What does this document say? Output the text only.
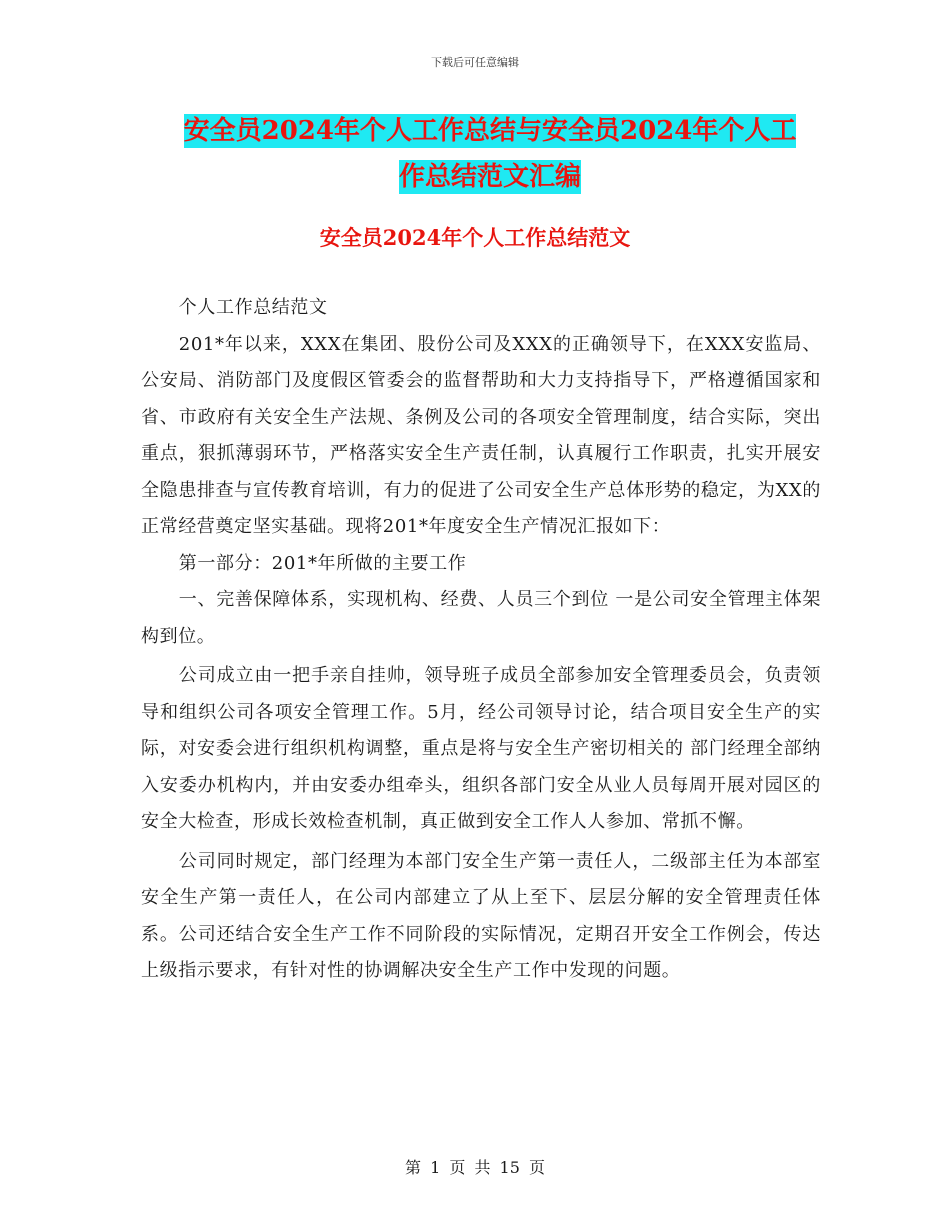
下载后可任意编辑
安全员2024年个人工作总结与安全员2024年个人工
作总结范文汇编
安全员2024年个人工作总结范文

个人工作总结范文

201*年以来，XXX在集团、股份公司及XXX的正确领导下，在XXX安监局、公安局、消防部门及度假区管委会的监督帮助和大力支持指导下，严格遵循国家和省、市政府有关安全生产法规、条例及公司的各项安全管理制度，结合实际，突出重点，狠抓薄弱环节，严格落实安全生产责任制，认真履行工作职责，扎实开展安全隐患排查与宣传教育培训，有力的促进了公司安全生产总体形势的稳定，为XX的正常经营奠定坚实基础。现将201*年度安全生产情况汇报如下：

第一部分：201*年所做的主要工作

一、完善保障体系，实现机构、经费、人员三个到位 一是公司安全管理主体架构到位。

公司成立由一把手亲自挂帅，领导班子成员全部参加安全管理委员会，负责领导和组织公司各项安全管理工作。5月，经公司领导讨论，结合项目安全生产的实际，对安委会进行组织机构调整，重点是将与安全生产密切相关的 部门经理全部纳入安委办机构内，并由安委办组牵头，组织各部门安全从业人员每周开展对园区的安全大检查，形成长效检查机制，真正做到安全工作人人参加、常抓不懈。

公司同时规定，部门经理为本部门安全生产第一责任人，二级部主任为本部室安全生产第一责任人，在公司内部建立了从上至下、层层分解的安全管理责任体系。公司还结合安全生产工作不同阶段的实际情况，定期召开安全工作例会，传达上级指示要求，有针对性的协调解决安全生产工作中发现的问题。

第 1 页 共 15 页
